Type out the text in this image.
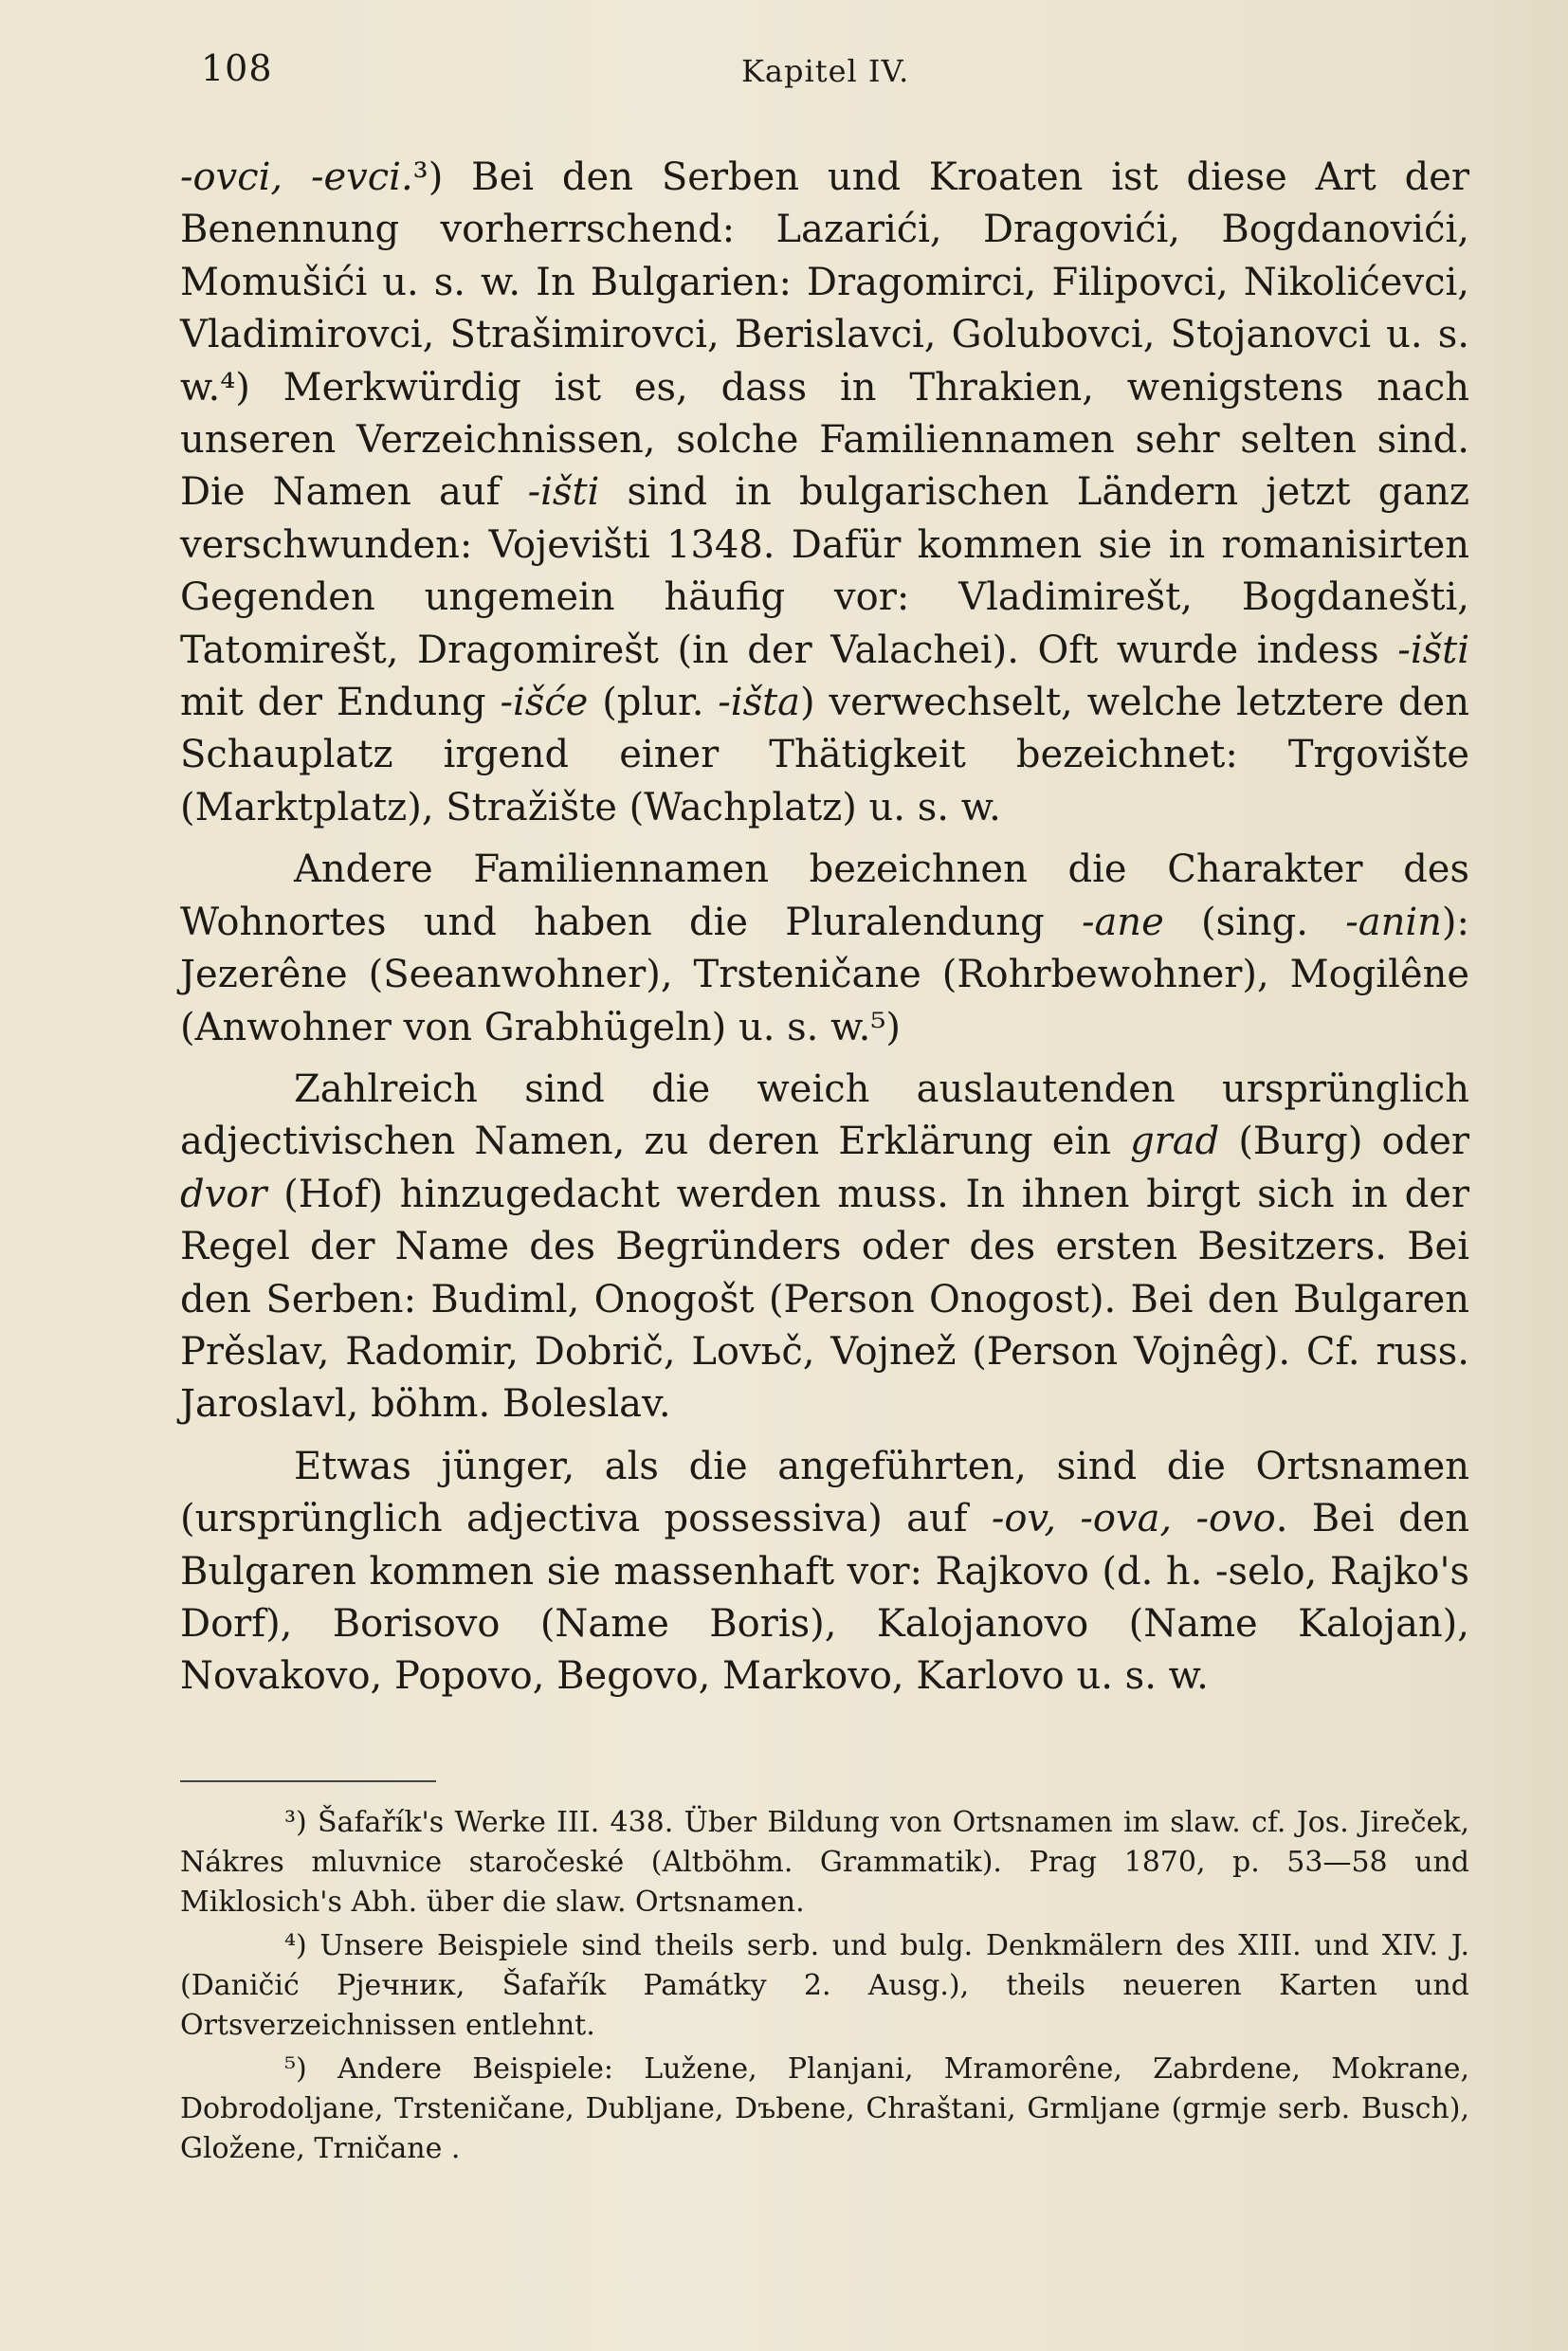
108	Kapitel IV.

-ovci, -evci.³) Bei den Serben und Kroaten ist diese Art der Benennung vorherrschend: Lazarići, Dragovići, Bogdanovići, Momušići u. s. w. In Bulgarien: Dragomirci, Filipovci, Nikolićevci, Vladimirovci, Strašimirovci, Berislavci, Golubovci, Stojanovci u. s. w.⁴) Merkwürdig ist es, dass in Thrakien, wenigstens nach unseren Verzeichnissen, solche Familiennamen sehr selten sind. Die Namen auf -išti sind in bulgarischen Ländern jetzt ganz verschwunden: Vojevišti 1348. Dafür kommen sie in romanisirten Gegenden ungemein häufig vor: Vladimirešt, Bogdanešti, Tatomirešt, Dragomirešt (in der Valachei). Oft wurde indess -išti mit der Endung -išće (plur. -išta) verwechselt, welche letztere den Schauplatz irgend einer Thätigkeit bezeichnet: Trgovište (Marktplatz), Stražište (Wachplatz) u. s. w.

Andere Familiennamen bezeichnen die Charakter des Wohnortes und haben die Pluralendung -ane (sing. -anin): Jezerêne (Seeanwohner), Trsteničane (Rohrbewohner), Mogilêne (Anwohner von Grabhügeln) u. s. w.⁵)

Zahlreich sind die weich auslautenden ursprünglich adjectivischen Namen, zu deren Erklärung ein grad (Burg) oder dvor (Hof) hinzugedacht werden muss. In ihnen birgt sich in der Regel der Name des Begründers oder des ersten Besitzers. Bei den Serben: Budiml, Onogošt (Person Onogost). Bei den Bulgaren Prěslav, Radomir, Dobrič, Lovьč, Vojnež (Person Vojnêg). Cf. russ. Jaroslavl, böhm. Boleslav.

Etwas jünger, als die angeführten, sind die Ortsnamen (ursprünglich adjectiva possessiva) auf -ov, -ova, -ovo. Bei den Bulgaren kommen sie massenhaft vor: Rajkovo (d. h. -selo, Rajko's Dorf), Borisovo (Name Boris), Kalojanovo (Name Kalojan), Novakovo, Popovo, Begovo, Markovo, Karlovo u. s. w.

³) Šafařík's Werke III. 438. Über Bildung von Ortsnamen im slaw. cf. Jos. Jireček, Nákres mluvnice staročeské (Altböhm. Grammatik). Prag 1870, p. 53—58 und Miklosich's Abh. über die slaw. Ortsnamen.

⁴) Unsere Beispiele sind theils serb. und bulg. Denkmälern des XIII. und XIV. J. (Daničić Рјечник, Šafařík Památky 2. Ausg.), theils neueren Karten und Ortsverzeichnissen entlehnt.

⁵) Andere Beispiele: Lužene, Planjani, Mramorêne, Zabrdene, Mokrane, Dobrodoljane, Trsteničane, Dubljane, Dъbene, Chraštani, Grmljane (grmje serb. Busch), Gložene, Trničane .
